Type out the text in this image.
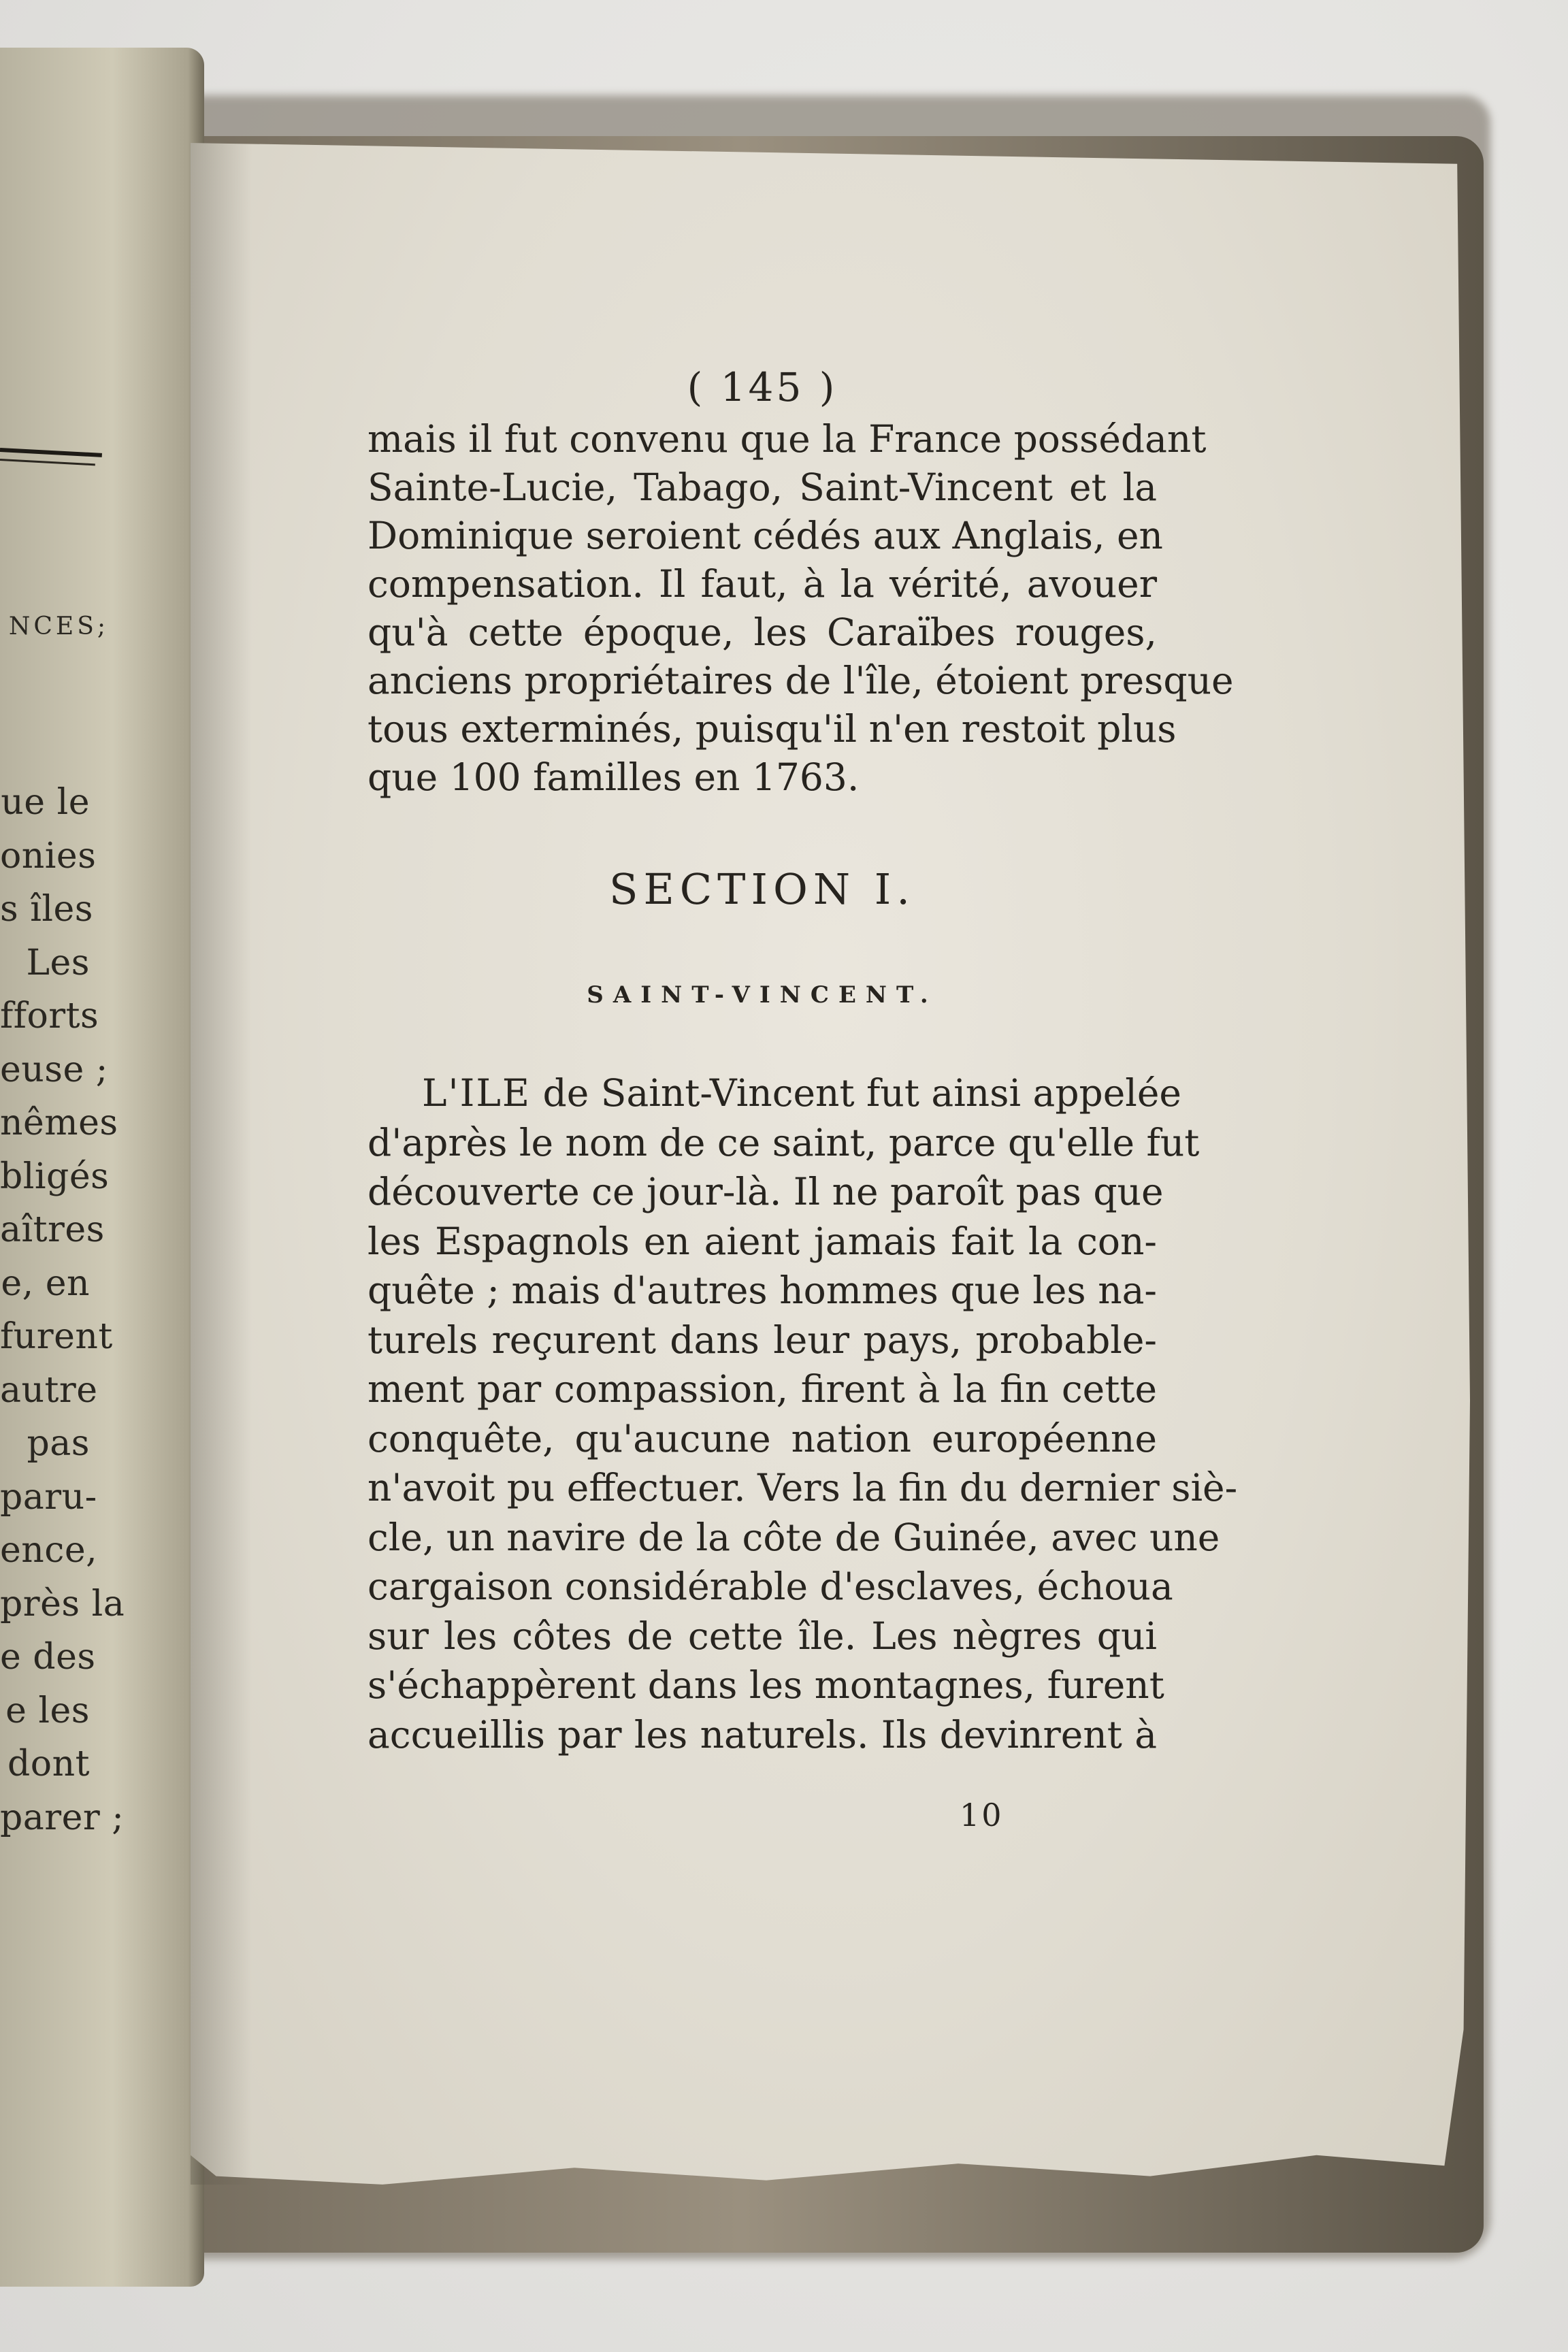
NCES;
ue le
onies
s îles
Les
fforts
euse ;
nêmes
bligés
aîtres
e, en
furent
autre
pas
paru-
ence,
près la
e des
e les
dont
parer ;
( 145 )

mais il fut convenu que la France possédant
Sainte-Lucie, Tabago, Saint-Vincent et la
Dominique seroient cédés aux Anglais, en
compensation. Il faut, à la vérité, avouer
qu'à cette époque, les Caraïbes rouges,
anciens propriétaires de l'île, étoient presque
tous exterminés, puisqu'il n'en restoit plus
que 100 familles en 1763.

SECTION I.
SAINT-VINCENT.
L'ILE de Saint-Vincent fut ainsi appelée
d'après le nom de ce saint, parce qu'elle fut
découverte ce jour-là. Il ne paroît pas que
les Espagnols en aient jamais fait la con-
quête ; mais d'autres hommes que les na-
turels reçurent dans leur pays, probable-
ment par compassion, firent à la fin cette
conquête, qu'aucune nation européenne
n'avoit pu effectuer. Vers la fin du dernier siè-
cle, un navire de la côte de Guinée, avec une
cargaison considérable d'esclaves, échoua
sur les côtes de cette île. Les nègres qui
s'échappèrent dans les montagnes, furent
accueillis par les naturels. Ils devinrent à
10
